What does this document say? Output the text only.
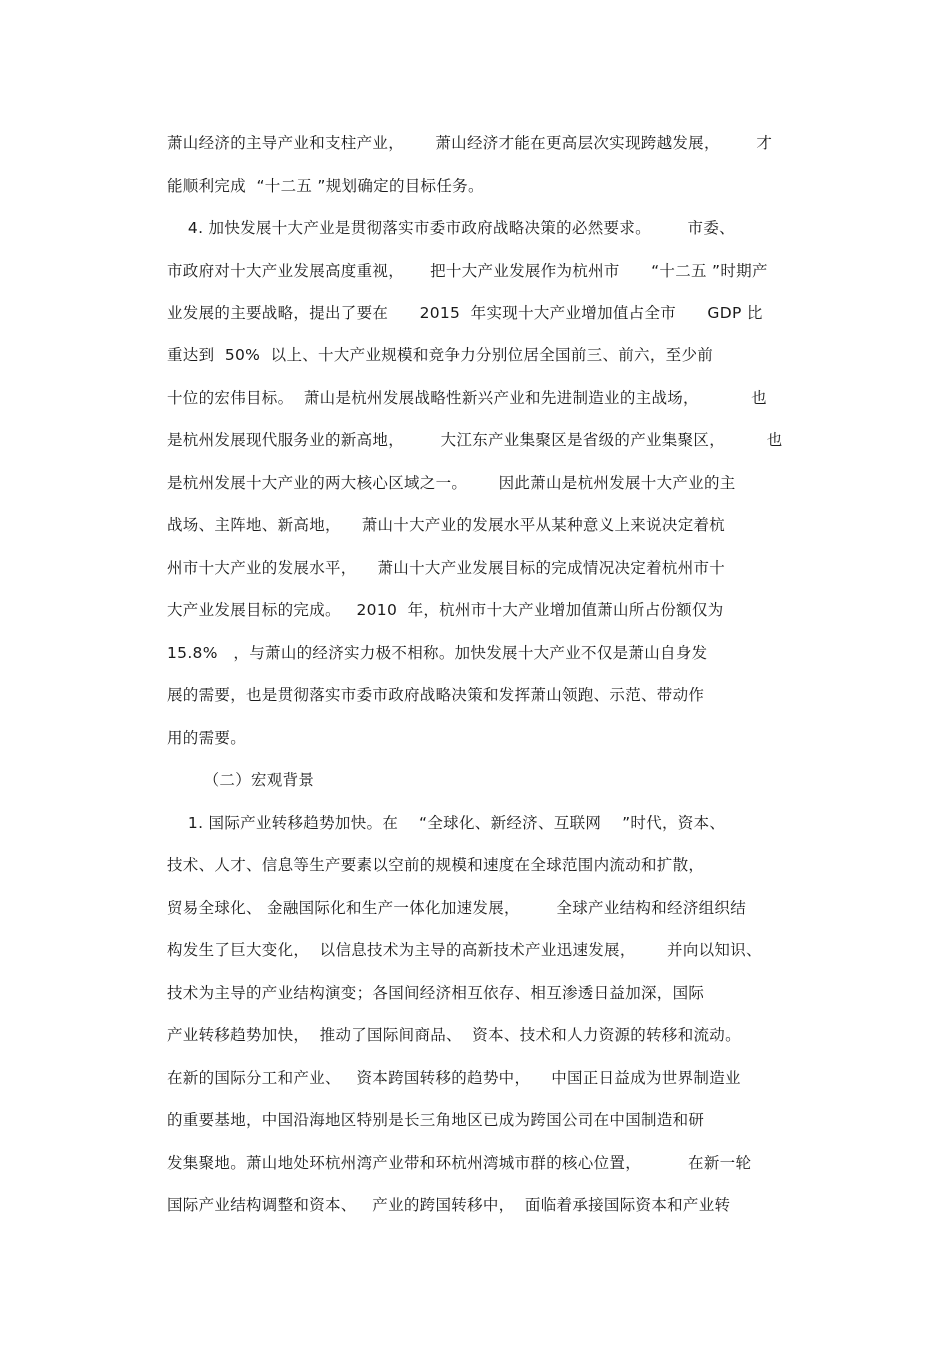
萧山经济的主导产业和支柱产业，      萧山经济才能在更高层次实现跨越发展，       才
能顺利完成  “十二五 ”规划确定的目标任务。
4. 加快发展十大产业是贯彻落实市委市政府战略决策的必然要求。       市委、
市政府对十大产业发展高度重视，     把十大产业发展作为杭州市      “十二五 ”时期产
业发展的主要战略，提出了要在      2015  年实现十大产业增加值占全市      GDP 比
重达到  50%  以上、十大产业规模和竞争力分别位居全国前三、前六，至少前
十位的宏伟目标。  萧山是杭州发展战略性新兴产业和先进制造业的主战场，          也
是杭州发展现代服务业的新高地，       大江东产业集聚区是省级的产业集聚区，        也
是杭州发展十大产业的两大核心区域之一。      因此萧山是杭州发展十大产业的主
战场、主阵地、新高地，    萧山十大产业的发展水平从某种意义上来说决定着杭
州市十大产业的发展水平，    萧山十大产业发展目标的完成情况决定着杭州市十
大产业发展目标的完成。   2010  年，杭州市十大产业增加值萧山所占份额仅为
15.8%   ，与萧山的经济实力极不相称。加快发展十大产业不仅是萧山自身发
展的需要，也是贯彻落实市委市政府战略决策和发挥萧山领跑、示范、带动作
用的需要。
（二）宏观背景
1. 国际产业转移趋势加快。在    “全球化、新经济、互联网    ”时代，资本、
技术、人才、信息等生产要素以空前的规模和速度在全球范围内流动和扩散，
贸易全球化、 金融国际化和生产一体化加速发展，       全球产业结构和经济组织结
构发生了巨大变化，  以信息技术为主导的高新技术产业迅速发展，      并向以知识、
技术为主导的产业结构演变；各国间经济相互依存、相互渗透日益加深，国际
产业转移趋势加快，  推动了国际间商品、  资本、技术和人力资源的转移和流动。
在新的国际分工和产业、   资本跨国转移的趋势中，    中国正日益成为世界制造业
的重要基地，中国沿海地区特别是长三角地区已成为跨国公司在中国制造和研
发集聚地。萧山地处环杭州湾产业带和环杭州湾城市群的核心位置，         在新一轮
国际产业结构调整和资本、   产业的跨国转移中，  面临着承接国际资本和产业转
